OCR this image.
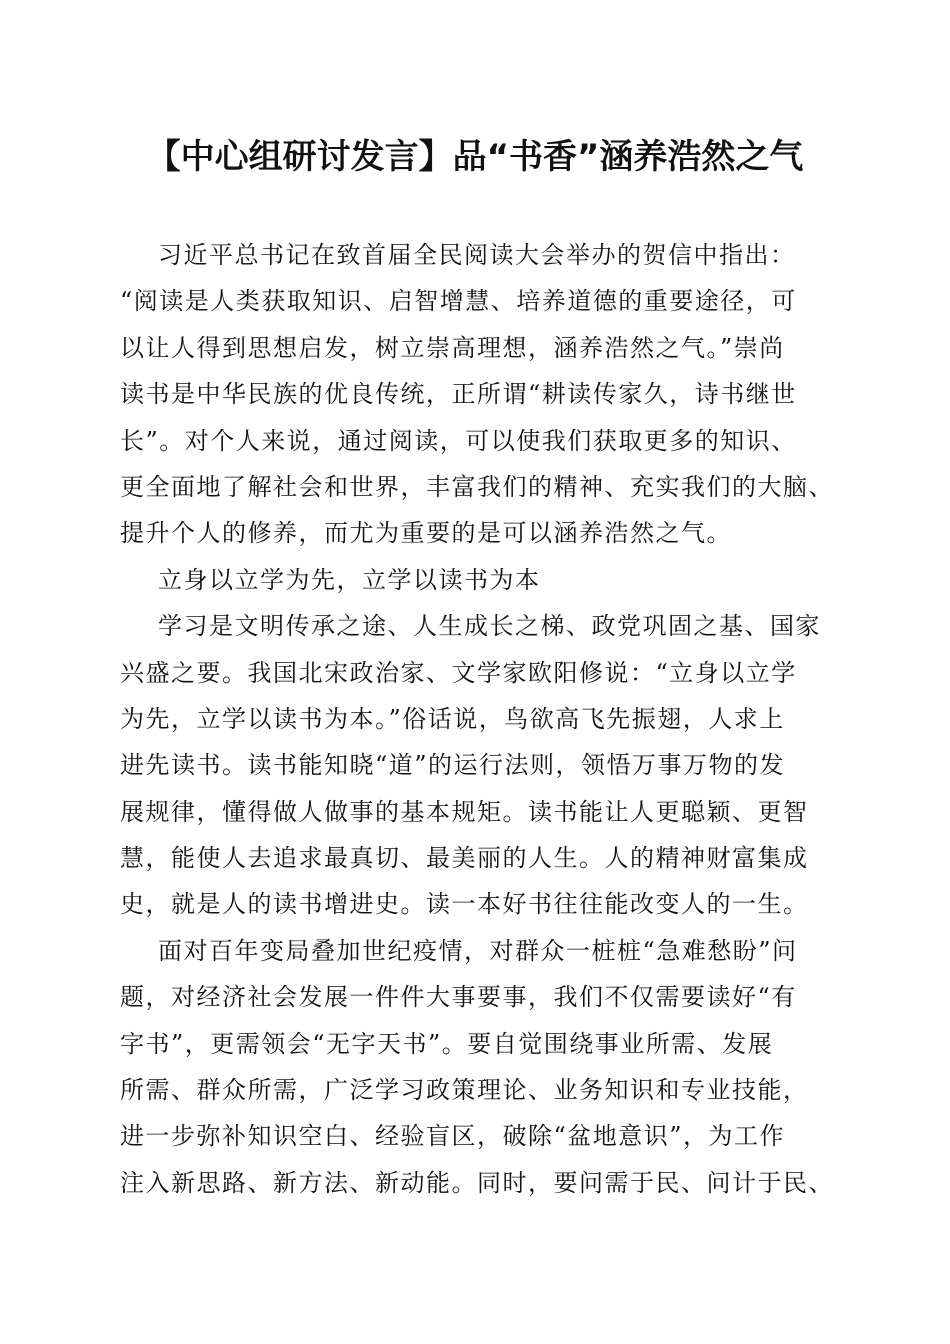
【中心组研讨发言】品“书香”涵养浩然之气
习近平总书记在致首届全民阅读大会举办的贺信中指出：
“阅读是人类获取知识、启智增慧、培养道德的重要途径，可
以让人得到思想启发，树立崇高理想，涵养浩然之气。”崇尚
读书是中华民族的优良传统，正所谓“耕读传家久，诗书继世
长”。对个人来说，通过阅读，可以使我们获取更多的知识、
更全面地了解社会和世界，丰富我们的精神、充实我们的大脑、
提升个人的修养，而尤为重要的是可以涵养浩然之气。
立身以立学为先，立学以读书为本
学习是文明传承之途、人生成长之梯、政党巩固之基、国家
兴盛之要。我国北宋政治家、文学家欧阳修说：“立身以立学
为先，立学以读书为本。”俗话说，鸟欲高飞先振翅，人求上
进先读书。读书能知晓“道”的运行法则，领悟万事万物的发
展规律，懂得做人做事的基本规矩。读书能让人更聪颖、更智
慧，能使人去追求最真切、最美丽的人生。人的精神财富集成
史，就是人的读书增进史。读一本好书往往能改变人的一生。
面对百年变局叠加世纪疫情，对群众一桩桩“急难愁盼”问
题，对经济社会发展一件件大事要事，我们不仅需要读好“有
字书”，更需领会“无字天书”。要自觉围绕事业所需、发展
所需、群众所需，广泛学习政策理论、业务知识和专业技能，
进一步弥补知识空白、经验盲区，破除“盆地意识”，为工作
注入新思路、新方法、新动能。同时，要问需于民、问计于民、
